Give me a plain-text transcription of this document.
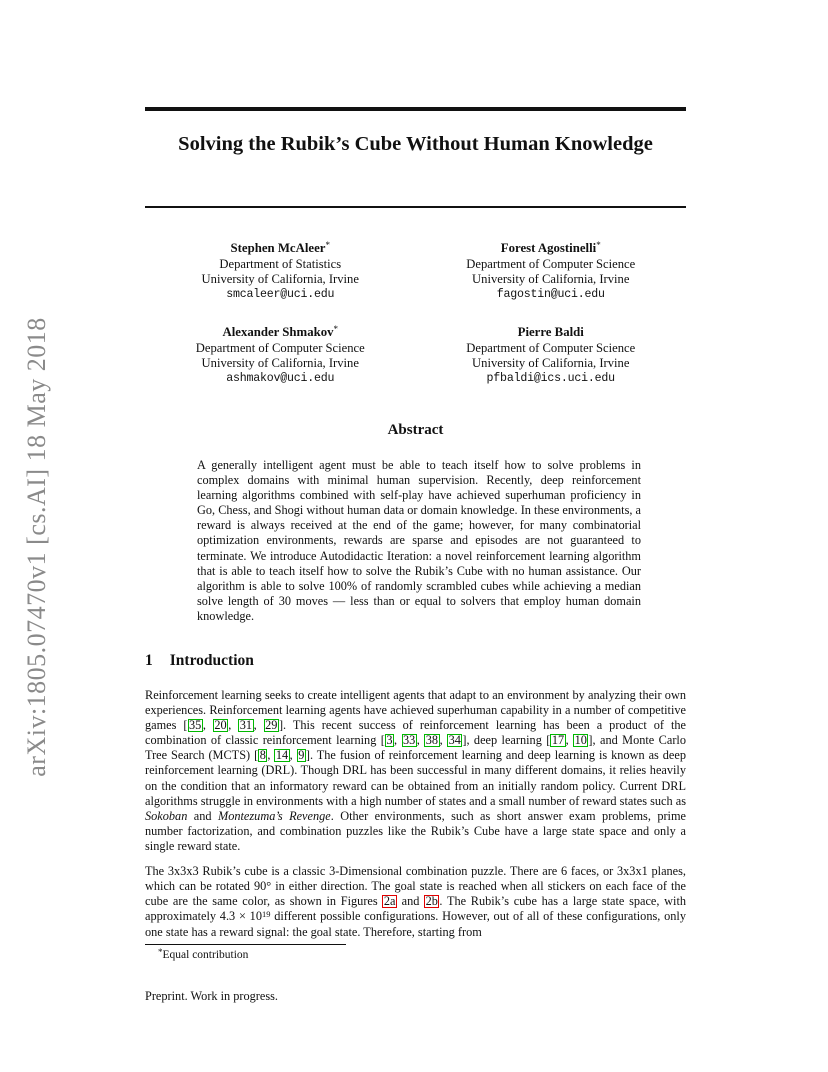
arXiv:1805.07470v1 [cs.AI] 18 May 2018
Solving the Rubik’s Cube Without Human Knowledge
Stephen McAleer*
Department of Statistics
University of California, Irvine
smcaleer@uci.edu
Forest Agostinelli*
Department of Computer Science
University of California, Irvine
fagostin@uci.edu
Alexander Shmakov*
Department of Computer Science
University of California, Irvine
ashmakov@uci.edu
Pierre Baldi
Department of Computer Science
University of California, Irvine
pfbaldi@ics.uci.edu
Abstract
A generally intelligent agent must be able to teach itself how to solve problems in complex domains with minimal human supervision. Recently, deep reinforcement learning algorithms combined with self-play have achieved superhuman proficiency in Go, Chess, and Shogi without human data or domain knowledge. In these environments, a reward is always received at the end of the game; however, for many combinatorial optimization environments, rewards are sparse and episodes are not guaranteed to terminate. We introduce Autodidactic Iteration: a novel reinforcement learning algorithm that is able to teach itself how to solve the Rubik’s Cube with no human assistance. Our algorithm is able to solve 100% of randomly scrambled cubes while achieving a median solve length of 30 moves — less than or equal to solvers that employ human domain knowledge.
1 Introduction

Reinforcement learning seeks to create intelligent agents that adapt to an environment by analyzing their own experiences. Reinforcement learning agents have achieved superhuman capability in a number of competitive games [ 35 , 20 , 31 , 29 ]. This recent success of reinforcement learning has been a product of the combination of classic reinforcement learning [ 3 , 33 , 38 , 34 ], deep learning [ 17 , 10 ], and Monte Carlo Tree Search (MCTS) [ 8 , 14 , 9 ]. The fusion of reinforcement learning and deep learning is known as deep reinforcement learning (DRL). Though DRL has been successful in many different domains, it relies heavily on the condition that an informatory reward can be obtained from an initially random policy. Current DRL algorithms struggle in environments with a high number of states and a small number of reward states such as Sokoban and Montezuma’s Revenge. Other environments, such as short answer exam problems, prime number factorization, and combination puzzles like the Rubik’s Cube have a large state space and only a single reward state.

The 3x3x3 Rubik’s cube is a classic 3-Dimensional combination puzzle. There are 6 faces, or 3x3x1 planes, which can be rotated 90° in either direction. The goal state is reached when all stickers on each face of the cube are the same color, as shown in Figures 2a and 2b . The Rubik’s cube has a large state space, with approximately $4.3 \times 10^{19}$ different possible configurations. However, out of all of these configurations, only one state has a reward signal: the goal state. Therefore, starting from

*Equal contribution
Preprint. Work in progress.
